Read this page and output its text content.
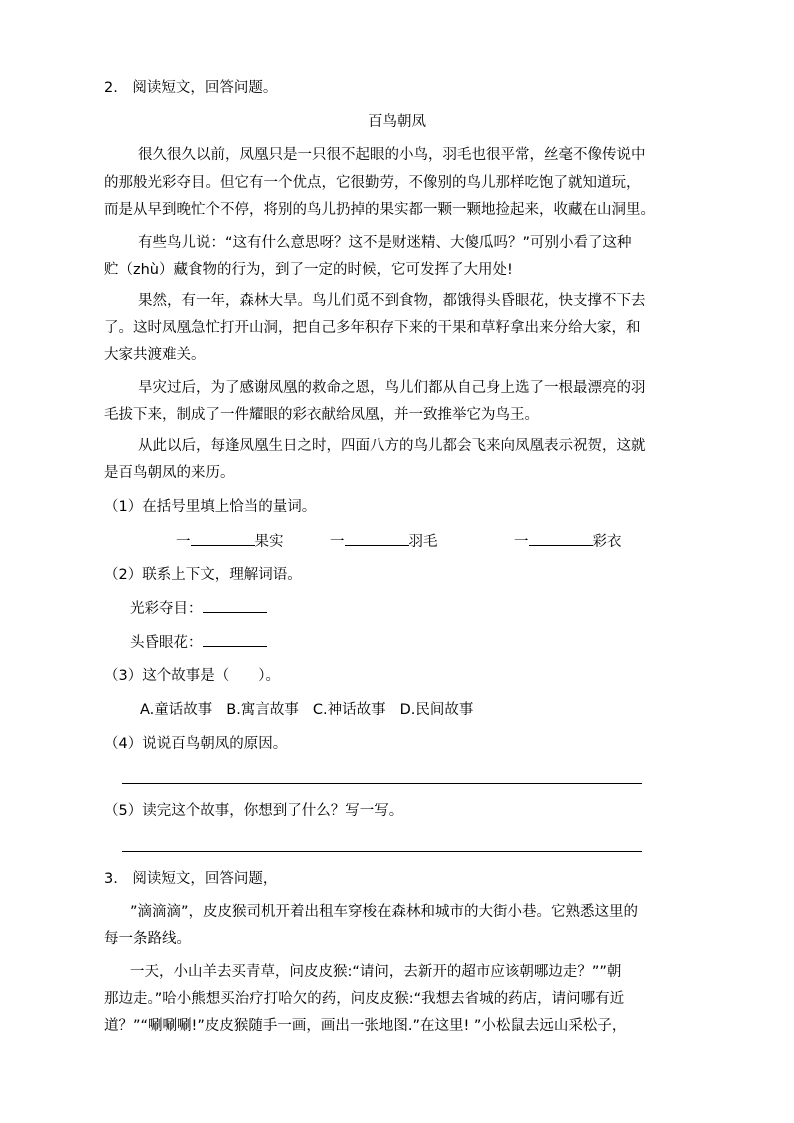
2.　阅读短文，回答问题。
百鸟朝凤
很久很久以前，凤凰只是一只很不起眼的小鸟，羽毛也很平常，丝毫不像传说中
的那般光彩夺目。但它有一个优点，它很勤劳，不像别的鸟儿那样吃饱了就知道玩，
而是从早到晚忙个不停，将别的鸟儿扔掉的果实都一颗一颗地捡起来，收藏在山洞里。
有些鸟儿说：“这有什么意思呀？这不是财迷精、大傻瓜吗？”可别小看了这种
贮（zhù）藏食物的行为，到了一定的时候，它可发挥了大用处!
果然，有一年，森林大旱。鸟儿们觅不到食物，都饿得头昏眼花，快支撑不下去
了。这时凤凰急忙打开山洞，把自己多年积存下来的干果和草籽拿出来分给大家，和
大家共渡难关。
旱灾过后，为了感谢凤凰的救命之恩，鸟儿们都从自己身上选了一根最漂亮的羽
毛拔下来，制成了一件耀眼的彩衣献给凤凰，并一致推举它为鸟王。
从此以后，每逢凤凰生日之时，四面八方的鸟儿都会飞来向凤凰表示祝贺，这就
是百鸟朝凤的来历。
（1）在括号里填上恰当的量词。
一	果实	一	羽毛	一	彩衣
（2）联系上下文，理解词语。
光彩夺目：
头昏眼花：
（3）这个故事是（　　）。
A.童话故事 B.寓言故事 C.神话故事 D.民间故事
（4）说说百鸟朝凤的原因。
（5）读完这个故事，你想到了什么？写一写。
3.　阅读短文，回答问题，
”滴滴滴”，皮皮猴司机开着出租车穿梭在森林和城市的大街小巷。它熟悉这里的
每一条路线。
一天，小山羊去买青草，问皮皮猴:“请问，去新开的超市应该朝哪边走？””朝
那边走。”哈小熊想买治疗打哈欠的药，问皮皮猴:“我想去省城的药店，请问哪有近
道？”“唰唰唰!”皮皮猴随手一画，画出一张地图.”在这里! ”小松鼠去远山采松子，
